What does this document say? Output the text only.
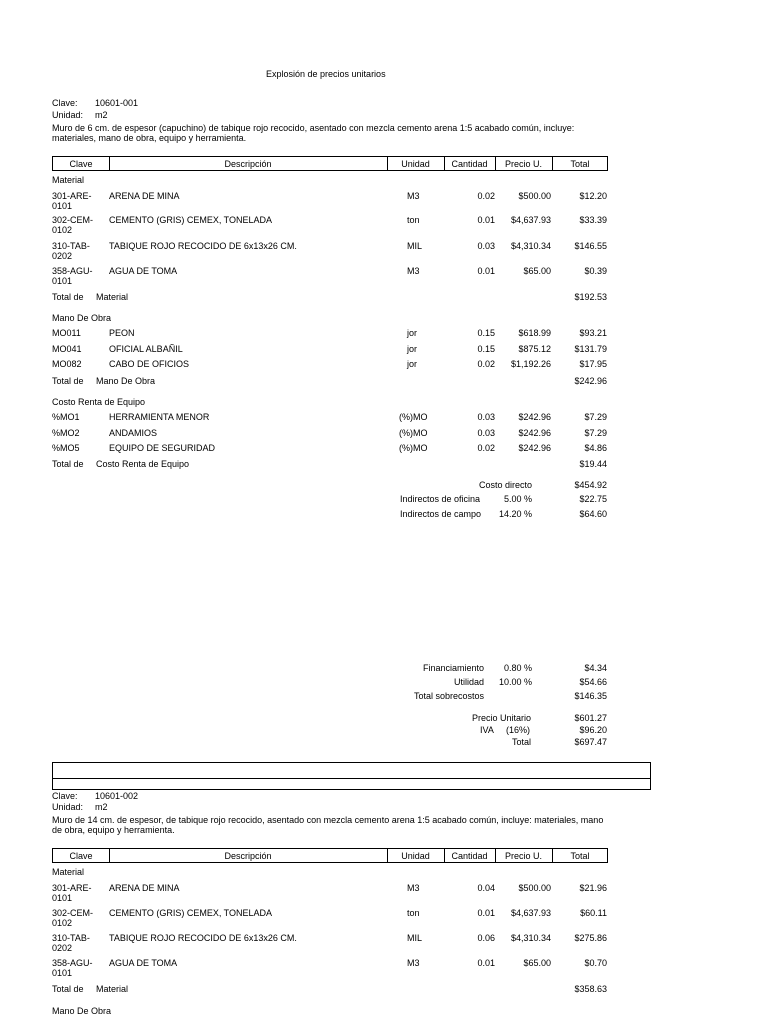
Explosión de precios unitarios
Clave: 10601-001
Unidad: m2
Muro de 6 cm. de espesor (capuchino) de tabique rojo recocido, asentado con mezcla cemento arena 1:5 acabado común, incluye:
materiales, mano de obra, equipo y herramienta.
Clave	Descripción	Unidad	Cantidad	Precio U.	Total
Material
301-ARE-
0101
ARENA DE MINA	M3	0.02	$500.00	$12.20
302-CEM-
0102
CEMENTO (GRIS) CEMEX, TONELADA	ton	0.01	$4,637.93	$33.39
310-TAB-
0202
TABIQUE ROJO RECOCIDO DE 6x13x26 CM.	MIL	0.03	$4,310.34	$146.55
358-AGU-
0101
AGUA DE TOMA	M3	0.01	$65.00	$0.39
Total de Material	$192.53
Mano De Obra
MO011	PEON	jor	0.15	$618.99	$93.21
MO041	OFICIAL ALBAÑIL	jor	0.15	$875.12	$131.79
MO082	CABO DE OFICIOS	jor	0.02	$1,192.26	$17.95
Total de Mano De Obra	$242.96
Costo Renta de Equipo
%MO1	HERRAMIENTA MENOR	(%)MO	0.03	$242.96	$7.29
%MO2	ANDAMIOS	(%)MO	0.03	$242.96	$7.29
%MO5	EQUIPO DE SEGURIDAD	(%)MO	0.02	$242.96	$4.86
Total de Costo Renta de Equipo	$19.44
Costo directo	$454.92
Indirectos de oficina	5.00 %	$22.75
Indirectos de campo	14.20 %	$64.60
Financiamiento	0.80 %	$4.34
Utilidad	10.00 %	$54.66
Total sobrecostos	$146.35
Precio Unitario	$601.27
IVA (16%)	$96.20
Total	$697.47
Clave: 10601-002
Unidad: m2
Muro de 14 cm. de espesor, de tabique rojo recocido, asentado con mezcla cemento arena 1:5 acabado común, incluye: materiales, mano
de obra, equipo y herramienta.
Clave	Descripción	Unidad	Cantidad	Precio U.	Total
Material
301-ARE-
0101
ARENA DE MINA	M3	0.04	$500.00	$21.96
302-CEM-
0102
CEMENTO (GRIS) CEMEX, TONELADA	ton	0.01	$4,637.93	$60.11
310-TAB-
0202
TABIQUE ROJO RECOCIDO DE 6x13x26 CM.	MIL	0.06	$4,310.34	$275.86
358-AGU-
0101
AGUA DE TOMA	M3	0.01	$65.00	$0.70
Total de Material	$358.63
Mano De Obra
